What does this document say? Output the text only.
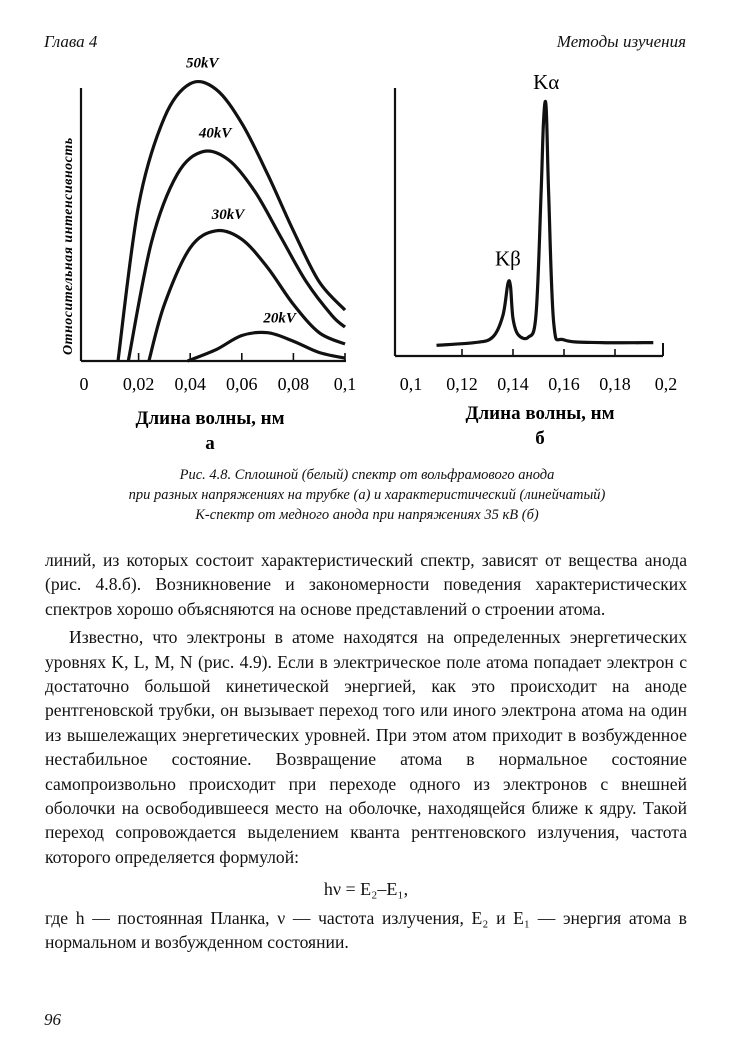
Глава 4	Методы изучения
Относительная интенсивность
Длина волны, нм
а
0 0,02 0,04 0,06 0,08 0,1
50kV
40kV
30kV
20kV
Длина волны, нм
б
0,1 0,12 0,14 0,16 0,18 0,2
Kα
Kβ
Рис. 4.8. Сплошной (белый) спектр от вольфрамового анода
при разных напряжениях на трубке (а) и характеристический (линейчатый)
К-спектр от медного анода при напряжениях 35 кВ (б)

линий, из которых состоит характеристический спектр, зависят от вещества анода (рис. 4.8.б). Возникновение и закономерности поведения характеристических спектров хорошо объясняются на основе представлений о строении атома.

Известно, что электроны в атоме находятся на определенных энергетических уровнях K, L, M, N (рис. 4.9). Если в электрическое поле атома попадает электрон с достаточно большой кинетической энергией, как это происходит на аноде рентгеновской трубки, он вызывает переход того или иного электрона атома на один из вышележащих энергетических уровней. При этом атом приходит в возбужденное нестабильное состояние. Возвращение атома в нормальное состояние самопроизвольно происходит при переходе одного из электронов с внешней оболочки на освободившееся место на оболочке, находящейся ближе к ядру. Такой переход сопровождается выделением кванта рентгеновского излучения, частота которого определяется формулой:

hν = E₂–E₁,

где h — постоянная Планка, ν — частота излучения, E₂ и E₁ — энергия атома в нормальном и возбужденном состоянии.

96
